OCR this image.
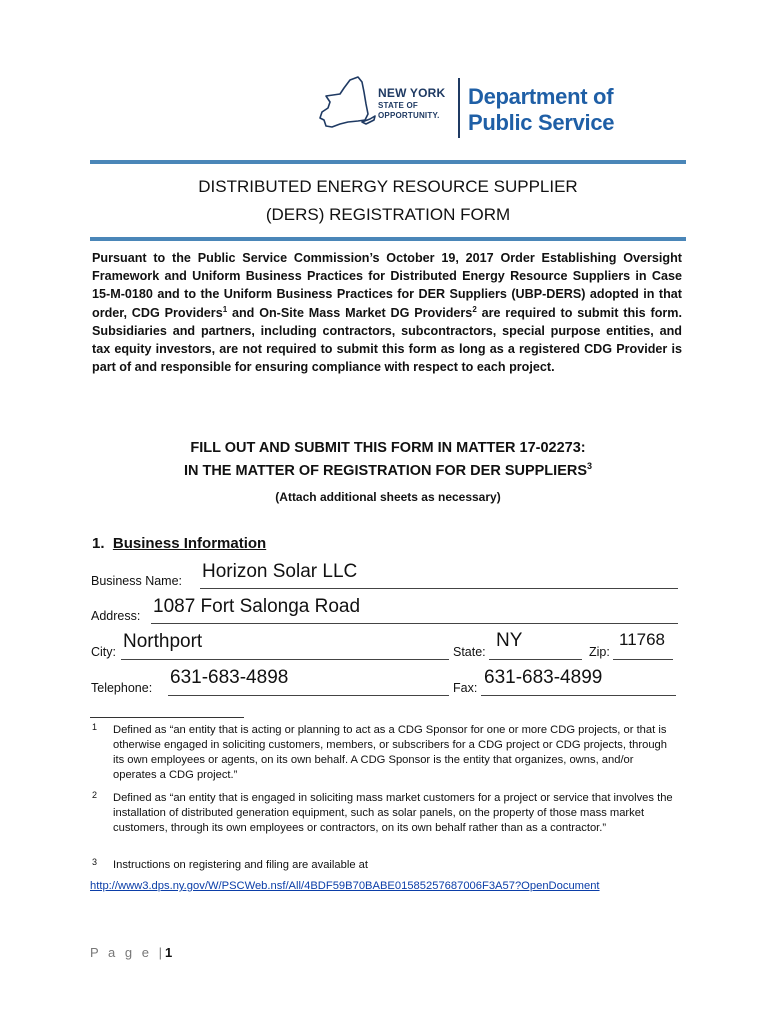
NEW YORK
STATE OF
OPPORTUNITY.
Department of
Public Service
DISTRIBUTED ENERGY RESOURCE SUPPLIER
(DERS) REGISTRATION FORM
Pursuant to the Public Service Commission’s October 19, 2017 Order Establishing Oversight Framework and Uniform Business Practices for Distributed Energy Resource Suppliers in Case 15-M-0180 and to the Uniform Business Practices for DER Suppliers (UBP-DERS) adopted in that order, CDG Providers$^1$ and On-Site Mass Market DG Providers$^2$ are required to submit this form. Subsidiaries and partners, including contractors, subcontractors, special purpose entities, and tax equity investors, are not required to submit this form as long as a registered CDG Provider is part of and responsible for ensuring compliance with respect to each project.
FILL OUT AND SUBMIT THIS FORM IN MATTER 17-02273:
IN THE MATTER OF REGISTRATION FOR DER SUPPLIERS$^3$
(Attach additional sheets as necessary)
1. Business Information
Business Name: Horizon Solar LLC
Address: 1087 Fort Salonga Road
City: Northport	State:
NY
Zip:
11768
Telephone: 631-683-4898	Fax: 631-683-4899
1 Defined as “an entity that is acting or planning to act as a CDG Sponsor for one or more CDG projects, or that is otherwise engaged in soliciting customers, members, or subscribers for a CDG project or CDG projects, through its own employees or agents, on its own behalf. A CDG Sponsor is the entity that organizes, owns, and/or operates a CDG project.”
2 Defined as “an entity that is engaged in soliciting mass market customers for a project or service that involves the installation of distributed generation equipment, such as solar panels, on the property of those mass market customers, through its own employees or contractors, on its own behalf rather than as a contractor.”
3 Instructions on registering and filing are available at
http://www3.dps.ny.gov/W/PSCWeb.nsf/All/4BDF59B70BABE01585257687006F3A57?OpenDocument
P a g e |1
